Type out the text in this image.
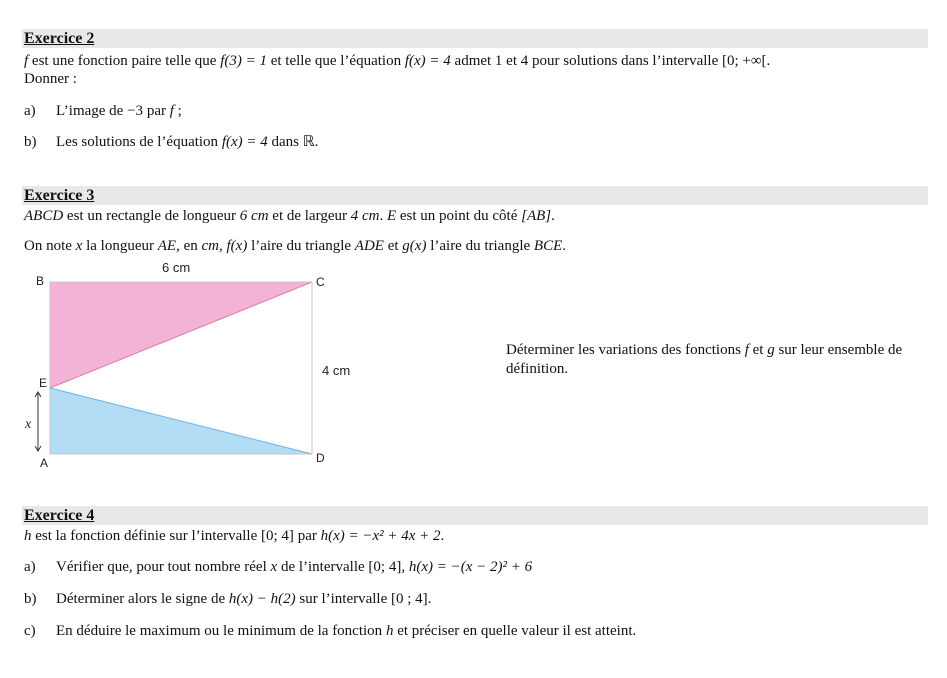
Exercice 2
f est une fonction paire telle que f(3) = 1 et telle que l’équation f(x) = 4 admet 1 et 4 pour solutions dans l’intervalle [0; +∞[.
Donner :
a) L’image de −3 par f ;
b) Les solutions de l’équation f(x) = 4 dans ℝ.
Exercice 3
ABCD est un rectangle de longueur 6 cm et de largeur 4 cm. E est un point du côté [AB].
On note x la longueur AE, en cm, f(x) l’aire du triangle ADE et g(x) l’aire du triangle BCE.
B	C
E
A	D
x
6 cm
4 cm
Déterminer les variations des fonctions f et g sur leur ensemble de définition.
Exercice 4
h est la fonction définie sur l’intervalle [0; 4] par h(x) = −x² + 4x + 2.
a) Vérifier que, pour tout nombre réel x de l’intervalle [0; 4], h(x) = −(x − 2)² + 6
b) Déterminer alors le signe de h(x) − h(2) sur l’intervalle [0 ; 4].
c) En déduire le maximum ou le minimum de la fonction h et préciser en quelle valeur il est atteint.
